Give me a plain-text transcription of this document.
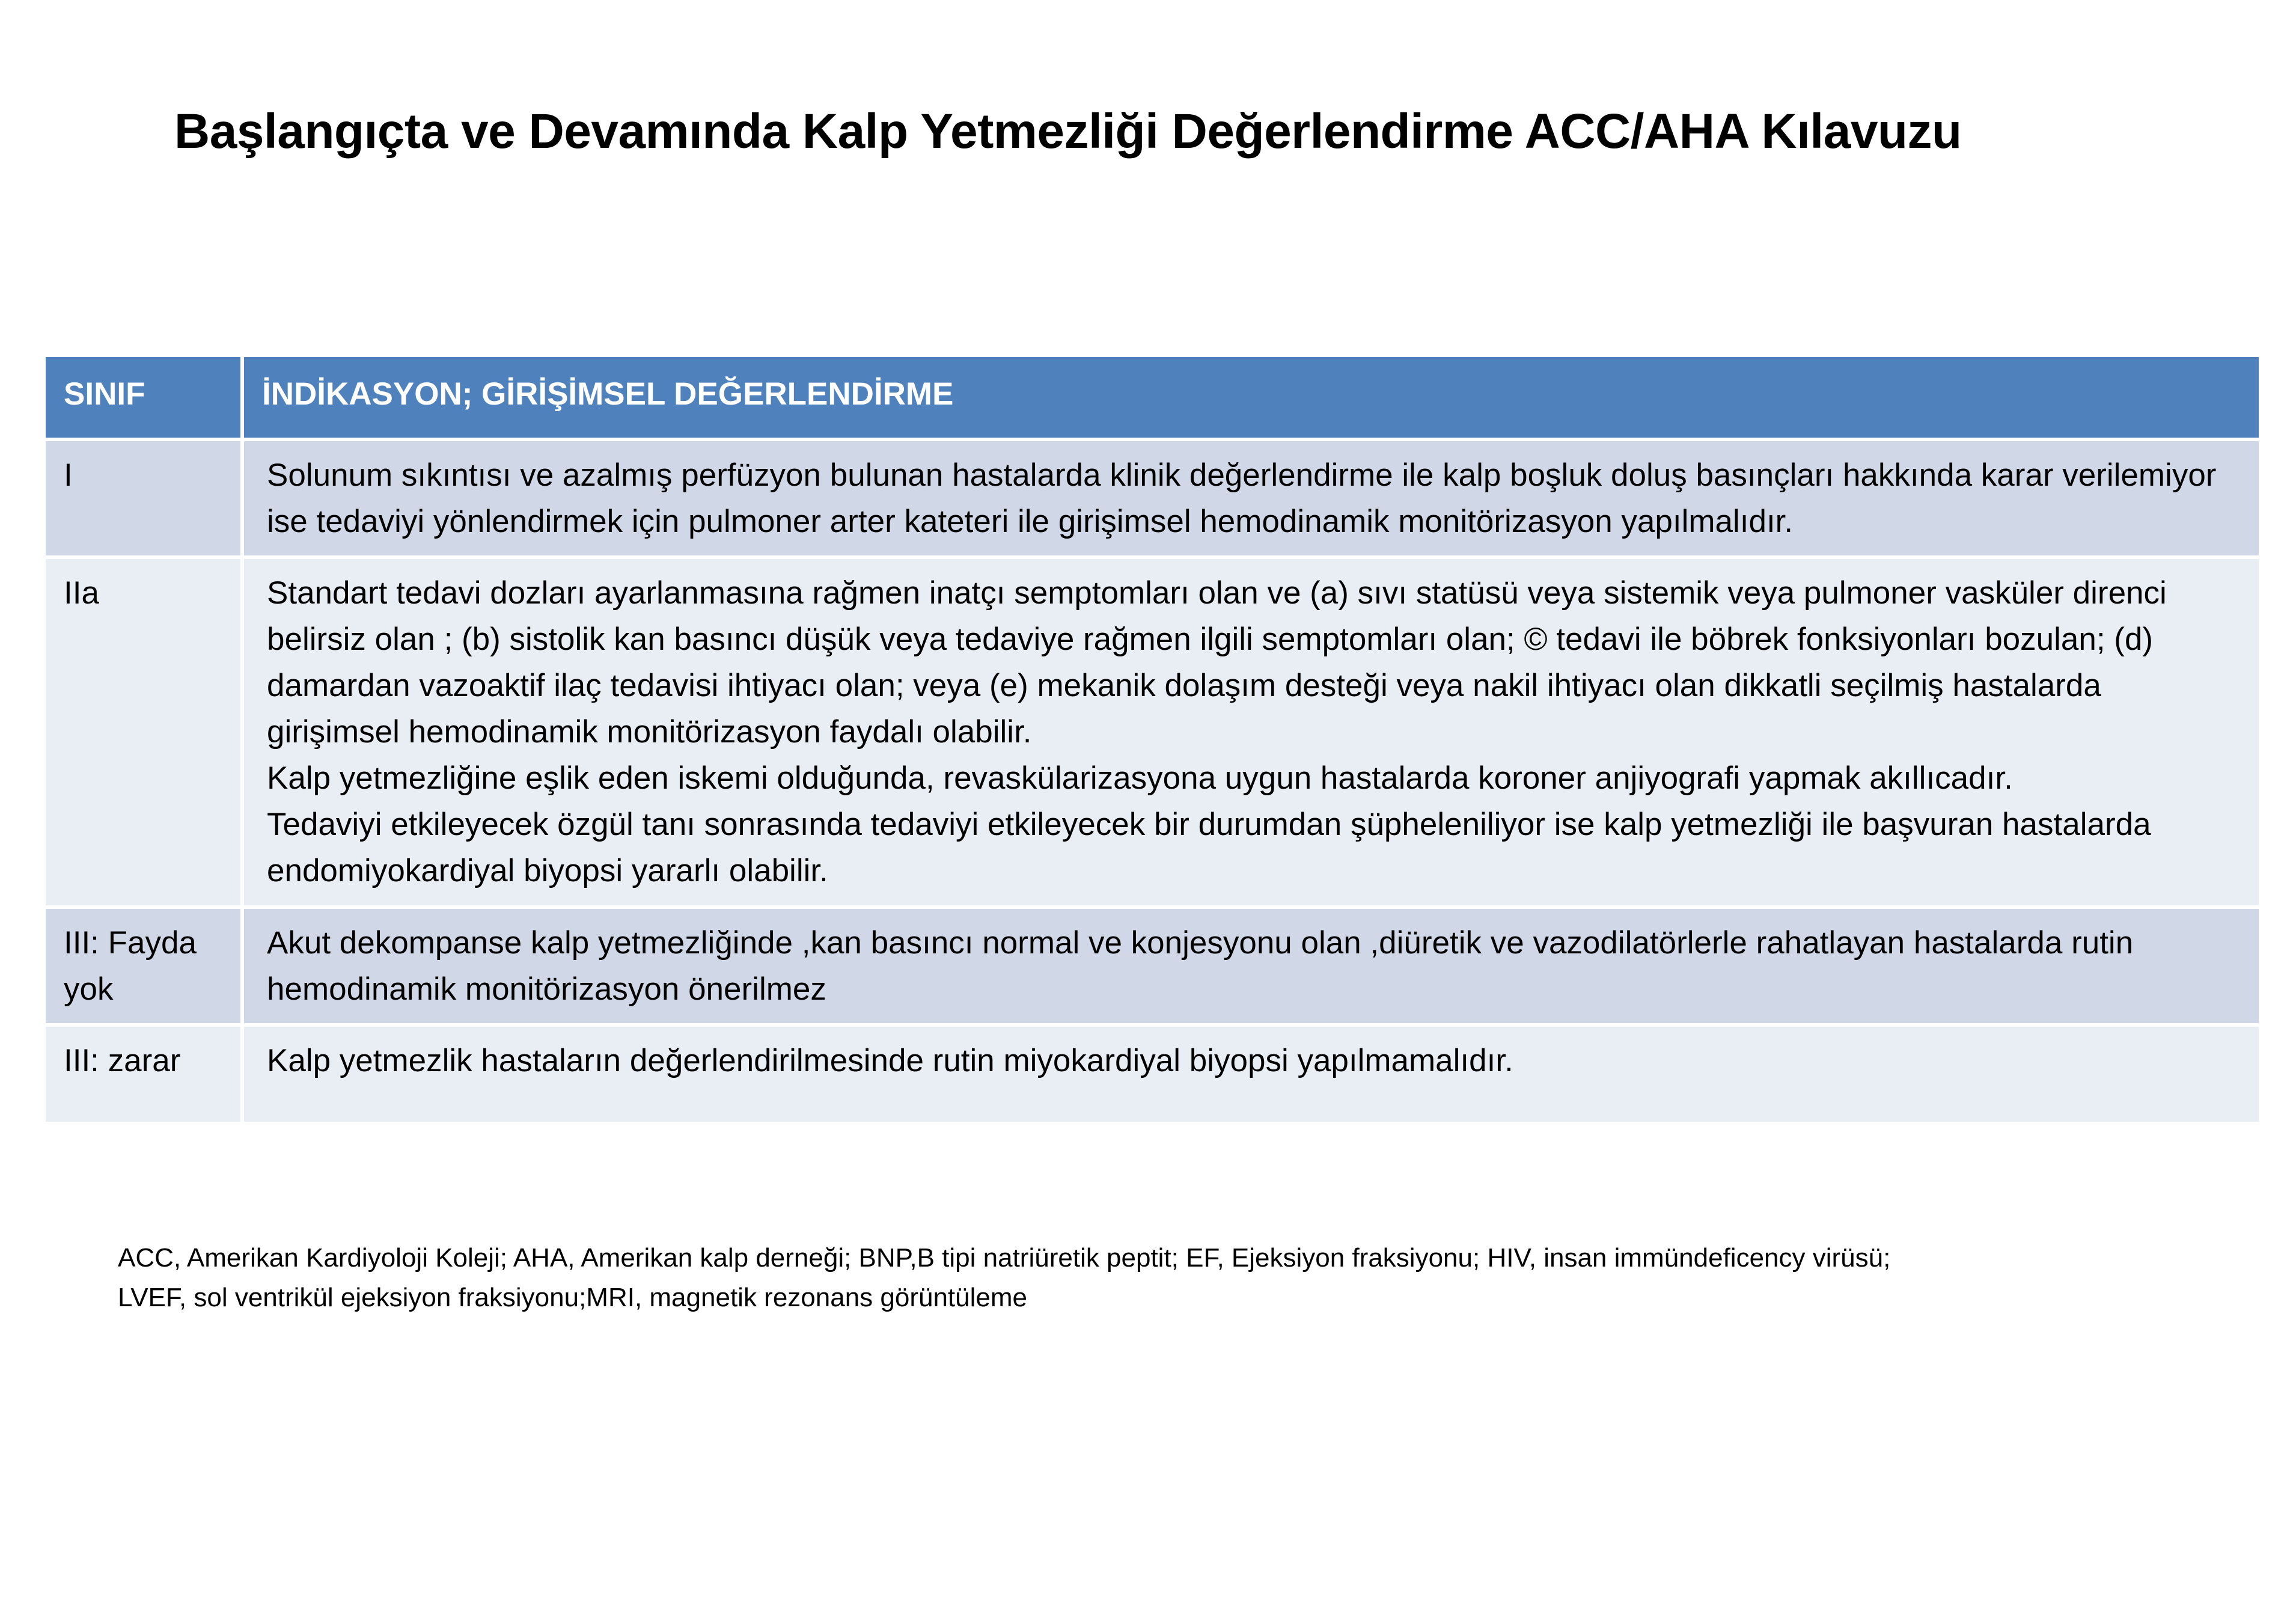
Başlangıçta ve Devamında Kalp Yetmezliği Değerlendirme ACC/AHA Kılavuzu
SINIF	İNDİKASYON; GİRİŞİMSEL DEĞERLENDİRME
I	Solunum sıkıntısı ve azalmış perfüzyon bulunan hastalarda klinik değerlendirme ile kalp boşluk doluş basınçları hakkında karar verilemiyor ise tedaviyi yönlendirmek için pulmoner arter kateteri ile girişimsel hemodinamik monitörizasyon yapılmalıdır.

IIa	Standart tedavi dozları ayarlanmasına rağmen inatçı semptomları olan ve (a) sıvı statüsü veya sistemik veya pulmoner vasküler direnci belirsiz olan ; (b) sistolik kan basıncı düşük veya tedaviye rağmen ilgili semptomları olan; © tedavi ile böbrek fonksiyonları bozulan; (d) damardan vazoaktif ilaç tedavisi ihtiyacı olan; veya (e) mekanik dolaşım desteği veya nakil ihtiyacı olan dikkatli seçilmiş hastalarda girişimsel hemodinamik monitörizasyon faydalı olabilir.
Kalp yetmezliğine eşlik eden iskemi olduğunda, revaskülarizasyona uygun hastalarda koroner anjiyografi yapmak akıllıcadır.
Tedaviyi etkileyecek özgül tanı sonrasında tedaviyi etkileyecek bir durumdan şüpheleniliyor ise kalp yetmezliği ile başvuran hastalarda endomiyokardiyal biyopsi yararlı olabilir.

III: Fayda yok	Akut dekompanse kalp yetmezliğinde ,kan basıncı normal ve konjesyonu olan ,diüretik ve vazodilatörlerle rahatlayan hastalarda rutin hemodinamik monitörizasyon önerilmez

III: zarar	Kalp yetmezlik hastaların değerlendirilmesinde rutin miyokardiyal biyopsi yapılmamalıdır.
ACC, Amerikan Kardiyoloji Koleji; AHA, Amerikan kalp derneği; BNP,B tipi natriüretik peptit; EF, Ejeksiyon fraksiyonu; HIV, insan immündeficency virüsü;
LVEF, sol ventrikül ejeksiyon fraksiyonu;MRI, magnetik rezonans görüntüleme
